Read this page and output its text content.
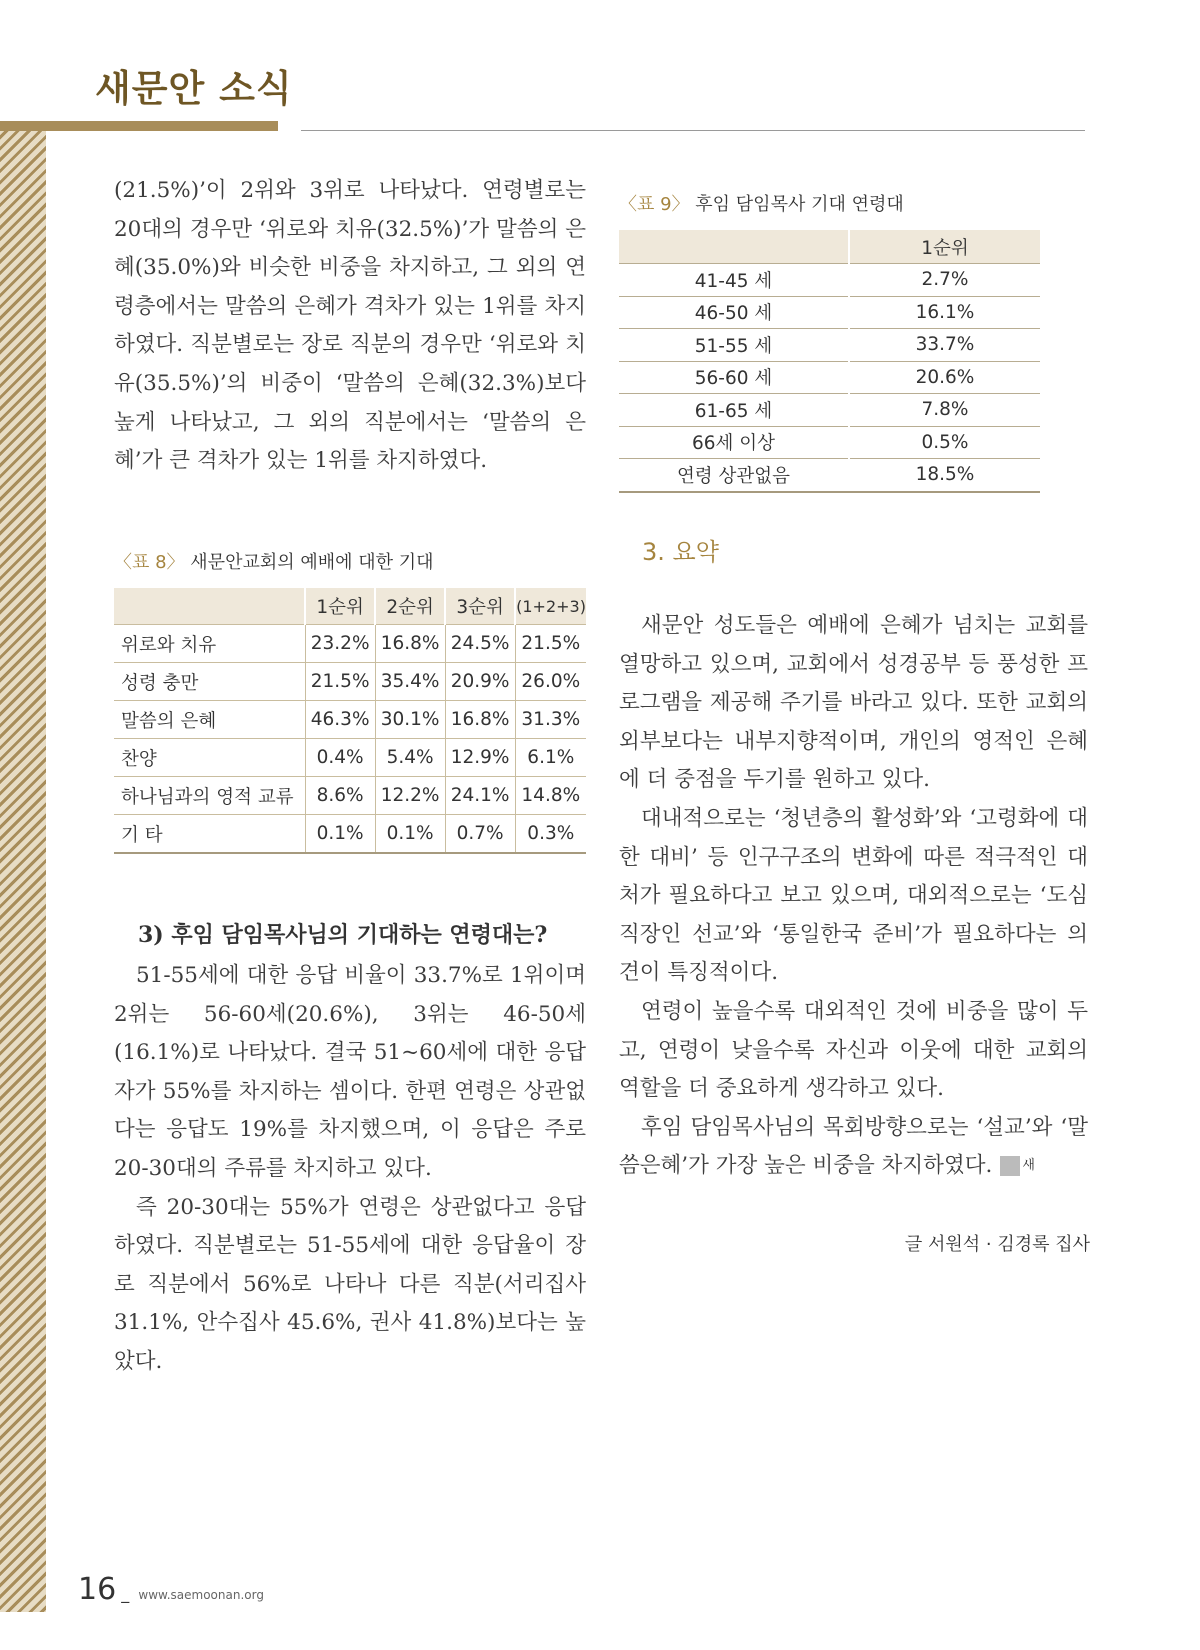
새문안 소식

(21.5%)’이 2위와 3위로 나타났다. 연령별로는 20대의 경우만 ‘위로와 치유(32.5%)’가 말씀의 은혜(35.0%)와 비슷한 비중을 차지하고, 그 외의 연령층에서는 말씀의 은혜가 격차가 있는 1위를 차지하였다. 직분별로는 장로 직분의 경우만 ‘위로와 치유(35.5%)’의 비중이 ‘말씀의 은혜(32.3%)보다 높게 나타났고, 그 외의 직분에서는 ‘말씀의 은혜’가 큰 격차가 있는 1위를 차지하였다.

〈표 8〉 새문안교회의 예배에 대한 기대
	1순위	2순위	3순위	(1+2+3)
위로와 치유	23.2%	16.8%	24.5%	21.5%
성령 충만	21.5%	35.4%	20.9%	26.0%
말씀의 은혜	46.3%	30.1%	16.8%	31.3%
찬양	0.4%	5.4%	12.9%	6.1%
하나님과의 영적 교류	8.6%	12.2%	24.1%	14.8%
기 타	0.1%	0.1%	0.7%	0.3%
3) 후임 담임목사님의 기대하는 연령대는?

51-55세에 대한 응답 비율이 33.7%로 1위이며 2위는 56-60세(20.6%), 3위는 46-50세(16.1%)로 나타났다. 결국 51~60세에 대한 응답자가 55%를 차지하는 셈이다. 한편 연령은 상관없다는 응답도 19%를 차지했으며, 이 응답은 주로 20-30대의 주류를 차지하고 있다.

즉 20-30대는 55%가 연령은 상관없다고 응답하였다. 직분별로는 51-55세에 대한 응답율이 장로 직분에서 56%로 나타나 다른 직분(서리집사 31.1%, 안수집사 45.6%, 권사 41.8%)보다는 높았다.

〈표 9〉 후임 담임목사 기대 연령대
	1순위
41-45 세	2.7%
46-50 세	16.1%
51-55 세	33.7%
56-60 세	20.6%
61-65 세	7.8%
66세 이상	0.5%
연령 상관없음	18.5%
3. 요약

새문안 성도들은 예배에 은혜가 넘치는 교회를 열망하고 있으며, 교회에서 성경공부 등 풍성한 프로그램을 제공해 주기를 바라고 있다. 또한 교회의 외부보다는 내부지향적이며, 개인의 영적인 은혜에 더 중점을 두기를 원하고 있다.

대내적으로는 ‘청년층의 활성화’와 ‘고령화에 대한 대비’ 등 인구구조의 변화에 따른 적극적인 대처가 필요하다고 보고 있으며, 대외적으로는 ‘도심 직장인 선교’와 ‘통일한국 준비’가 필요하다는 의견이 특징적이다.

연령이 높을수록 대외적인 것에 비중을 많이 두고, 연령이 낮을수록 자신과 이웃에 대한 교회의 역할을 더 중요하게 생각하고 있다.

후임 담임목사님의 목회방향으로는 ‘설교’와 ‘말씀은혜’가 가장 높은 비중을 차지하였다. 새

글 서원석 · 김경록 집사
16 _ www.saemoonan.org
